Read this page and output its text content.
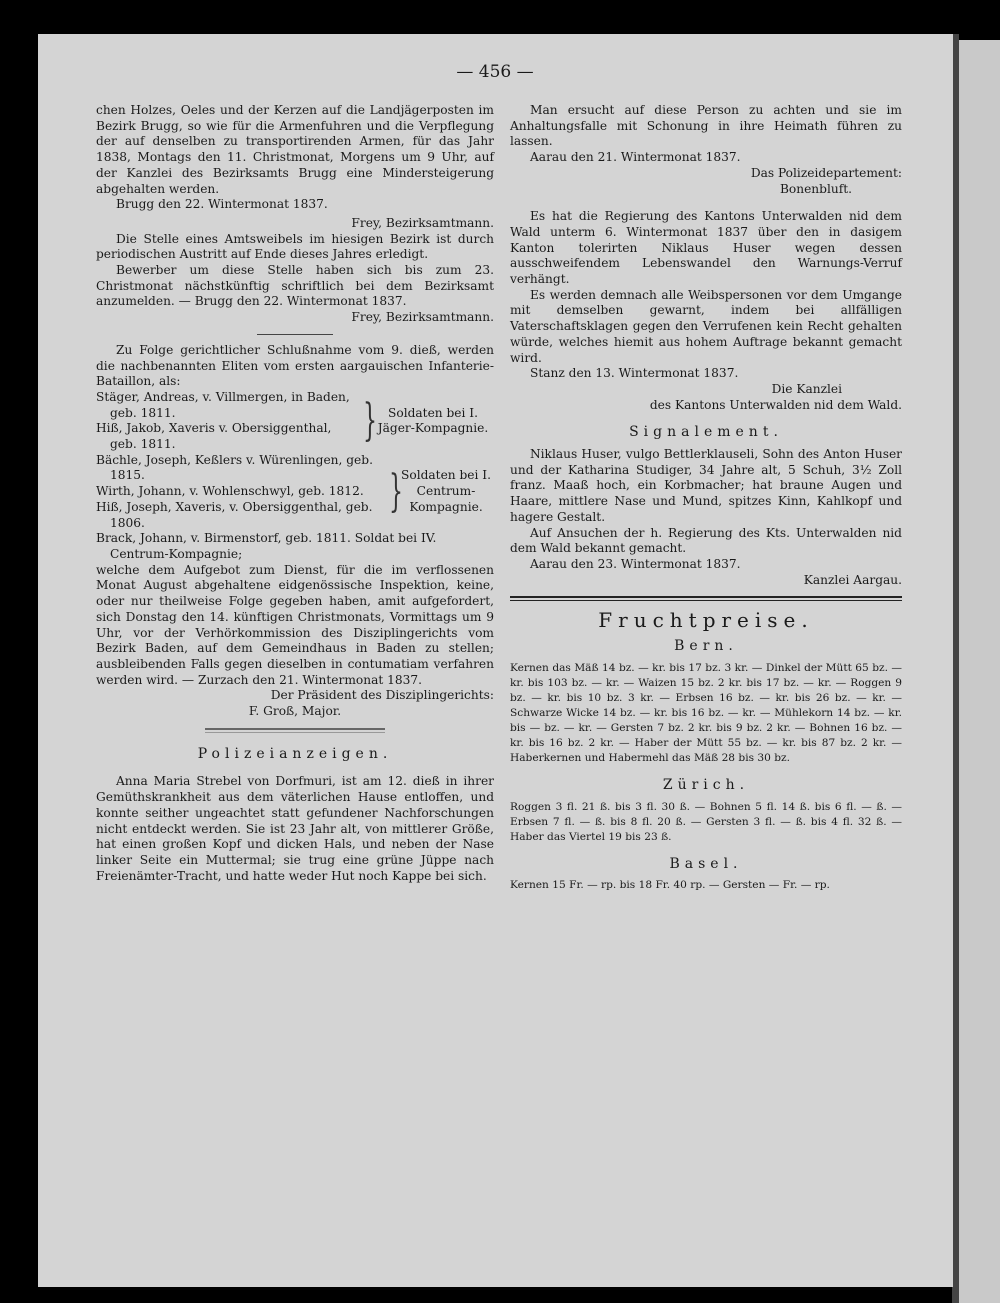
— 456 —

chen Holzes, Oeles und der Kerzen auf die Landjägerposten im Bezirk Brugg, so wie für die Armenfuhren und die Verpflegung der auf denselben zu transportirenden Armen, für das Jahr 1838, Montags den 11. Christmonat, Morgens um 9 Uhr, auf der Kanzlei des Bezirksamts Brugg eine Mindersteigerung abgehalten werden.

Brugg den 22. Wintermonat 1837.

Frey, Bezirksamtmann.

Die Stelle eines Amtsweibels im hiesigen Bezirk ist durch periodischen Austritt auf Ende dieses Jahres erledigt.

Bewerber um diese Stelle haben sich bis zum 23. Christmonat nächstkünftig schriftlich bei dem Bezirksamt anzumelden. — Brugg den 22. Wintermonat 1837.

Frey, Bezirksamtmann.

Zu Folge gerichtlicher Schlußnahme vom 9. dieß, werden die nachbenannten Eliten vom ersten aargauischen Infanterie-Bataillon, als:

Stäger, Andreas, v. Villmergen, in Baden, geb. 1811.

Hiß, Jakob, Xaveris v. Obersiggenthal, geb. 1811.	} Soldaten bei I. Jäger-Kompagnie.

Bächle, Joseph, Keßlers v. Würenlingen, geb. 1815.

Wirth, Johann, v. Wohlenschwyl, geb. 1812.

Hiß, Joseph, Xaveris, v. Obersiggenthal, geb. 1806.

}
Soldaten bei I. Centrum-Kompagnie.

Brack, Johann, v. Birmenstorf, geb. 1811. Soldat bei IV. Centrum-Kompagnie;

welche dem Aufgebot zum Dienst, für die im verflossenen Monat August abgehaltene eidgenössische Inspektion, keine, oder nur theilweise Folge gegeben haben, amit aufgefordert, sich Donstag den 14. künftigen Christmonats, Vormittags um 9 Uhr, vor der Verhörkommission des Disziplingerichts vom Bezirk Baden, auf dem Gemeindhaus in Baden zu stellen; ausbleibenden Falls gegen dieselben in contumatiam verfahren werden wird. — Zurzach den 21. Wintermonat 1837.

Der Präsident des Disziplingerichts:

F. Groß, Major.

Polizeianzeigen.

Anna Maria Strebel von Dorfmuri, ist am 12. dieß in ihrer Gemüthskrankheit aus dem väterlichen Hause entloffen, und konnte seither ungeachtet statt gefundener Nachforschungen nicht entdeckt werden. Sie ist 23 Jahr alt, von mittlerer Größe, hat einen großen Kopf und dicken Hals, und neben der Nase linker Seite ein Muttermal; sie trug eine grüne Jüppe nach Freienämter-Tracht, und hatte weder Hut noch Kappe bei sich.

Man ersucht auf diese Person zu achten und sie im Anhaltungsfalle mit Schonung in ihre Heimath führen zu lassen.

Aarau den 21. Wintermonat 1837.

Das Polizeidepartement:

Bonenbluft.

Es hat die Regierung des Kantons Unterwalden nid dem Wald unterm 6. Wintermonat 1837 über den in dasigem Kanton tolerirten Niklaus Huser wegen dessen ausschweifendem Lebenswandel den Warnungs-Verruf verhängt.

Es werden demnach alle Weibspersonen vor dem Umgange mit demselben gewarnt, indem bei allfälligen Vaterschaftsklagen gegen den Verrufenen kein Recht gehalten würde, welches hiemit aus hohem Auftrage bekannt gemacht wird.

Stanz den 13. Wintermonat 1837.

Die Kanzlei

des Kantons Unterwalden nid dem Wald.

Signalement.

Niklaus Huser, vulgo Bettlerklauseli, Sohn des Anton Huser und der Katharina Studiger, 34 Jahre alt, 5 Schuh, 3½ Zoll franz. Maaß hoch, ein Korbmacher; hat braune Augen und Haare, mittlere Nase und Mund, spitzes Kinn, Kahlkopf und hagere Gestalt.

Auf Ansuchen der h. Regierung des Kts. Unterwalden nid dem Wald bekannt gemacht.

Aarau den 23. Wintermonat 1837.

Kanzlei Aargau.

Fruchtpreise.

Bern.

Kernen das Mäß 14 bz. — kr. bis 17 bz. 3 kr. — Dinkel der Mütt 65 bz. — kr. bis 103 bz. — kr. — Waizen 15 bz. 2 kr. bis 17 bz. — kr. — Roggen 9 bz. — kr. bis 10 bz. 3 kr. — Erbsen 16 bz. — kr. bis 26 bz. — kr. — Schwarze Wicke 14 bz. — kr. bis 16 bz. — kr. — Mühlekorn 14 bz. — kr. bis — bz. — kr. — Gersten 7 bz. 2 kr. bis 9 bz. 2 kr. — Bohnen 16 bz. — kr. bis 16 bz. 2 kr. — Haber der Mütt 55 bz. — kr. bis 87 bz. 2 kr. — Haberkernen und Habermehl das Mäß 28 bis 30 bz.

Zürich.

Roggen 3 fl. 21 ß. bis 3 fl. 30 ß. — Bohnen 5 fl. 14 ß. bis 6 fl. — ß. — Erbsen 7 fl. — ß. bis 8 fl. 20 ß. — Gersten 3 fl. — ß. bis 4 fl. 32 ß. — Haber das Viertel 19 bis 23 ß.

Basel.

Kernen 15 Fr. — rp. bis 18 Fr. 40 rp. — Gersten — Fr. — rp.
